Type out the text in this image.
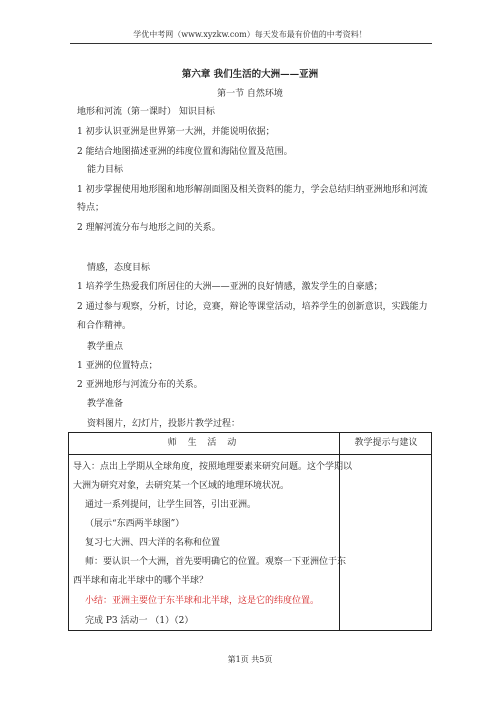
学优中考网（www.xyzkw.com）每天发布最有价值的中考资料！
第六章 我们生活的大洲——亚洲
第一节 自然环境
地形和河流（第一课时） 知识目标
1 初步认识亚洲是世界第一大洲，并能说明依据；
2 能结合地图描述亚洲的纬度位置和海陆位置及范围。
能力目标
1 初步掌握使用地形图和地形解剖面图及相关资料的能力，学会总结归纳亚洲地形和河流
特点；
2 理解河流分布与地形之间的关系。
情感，态度目标
1 培养学生热爱我们所居住的大洲——亚洲的良好情感，激发学生的自豪感；
2 通过参与观察，分析，讨论，竞赛，辩论等课堂活动，培养学生的创新意识，实践能力
和合作精神。
教学重点
1 亚洲的位置特点；
2 亚洲地形与河流分布的关系。
教学准备
资料图片，幻灯片，投影片教学过程：
师 生 活 动	教学提示与建议
导入：点出上学期从全球角度，按照地理要素来研究问题。这个学期以
大洲为研究对象，去研究某一个区域的地理环境状况。
通过一系列提问，让学生回答，引出亚洲。
（展示“东西两半球图”）
复习七大洲、四大洋的名称和位置
师：要认识一个大洲，首先要明确它的位置。观察一下亚洲位于东
西半球和南北半球中的哪个半球？
小结：亚洲主要位于东半球和北半球，这是它的纬度位置。
完成 P3 活动一 （1）（2）
第1页 共5页
